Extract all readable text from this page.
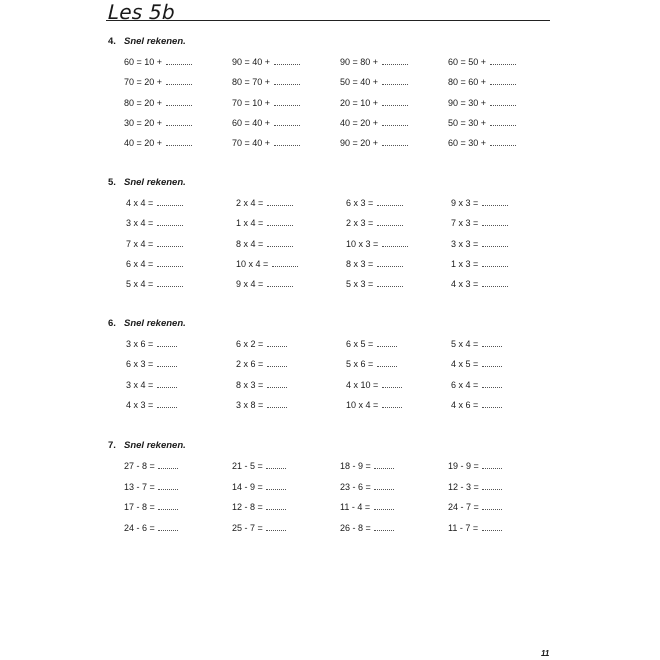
Les 5b
4. Snel rekenen.
60 = 10 +	90 = 40 +	90 = 80 +	60 = 50 +
70 = 20 +	80 = 70 +	50 = 40 +	80 = 60 +
80 = 20 +	70 = 10 +	20 = 10 +	90 = 30 +
30 = 20 +	60 = 40 +	40 = 20 +	50 = 30 +
40 = 20 +	70 = 40 +	90 = 20 +	60 = 30 +
5. Snel rekenen.
4 x 4 =	2 x 4 =	6 x 3 =	9 x 3 =
3 x 4 =	1 x 4 =	2 x 3 =	7 x 3 =
7 x 4 =	8 x 4 =	10 x 3 =	3 x 3 =
6 x 4 =	10 x 4 =	8 x 3 =	1 x 3 =
5 x 4 =	9 x 4 =	5 x 3 =	4 x 3 =
6. Snel rekenen.
3 x 6 =	6 x 2 =	6 x 5 =	5 x 4 =
6 x 3 =	2 x 6 =	5 x 6 =	4 x 5 =
3 x 4 =	8 x 3 =	4 x 10 =	6 x 4 =
4 x 3 =	3 x 8 =	10 x 4 =	4 x 6 =
7. Snel rekenen.
27 - 8 =	21 - 5 =	18 - 9 =	19 - 9 =
13 - 7 =	14 - 9 =	23 - 6 =	12 - 3 =
17 - 8 =	12 - 8 =	11 - 4 =	24 - 7 =
24 - 6 =	25 - 7 =	26 - 8 =	11 - 7 =
11
